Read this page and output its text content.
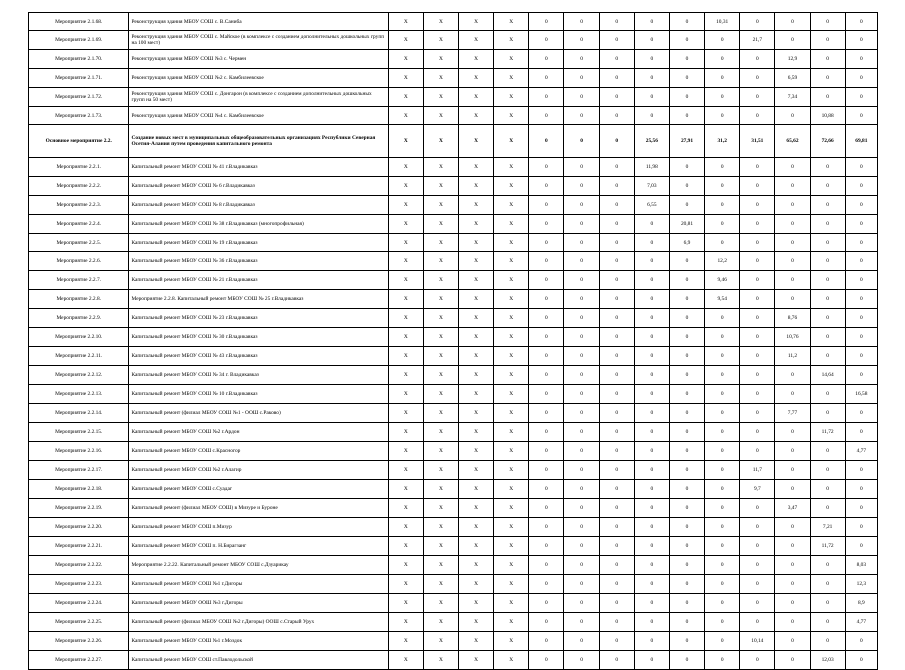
Мероприятие 2.1.68.	Реконструкция здания МБОУ СОШ с. В.Саниба	Х	Х	Х	Х	0	0	0	0	0	10,31	0	0	0	0
Мероприятие 2.1.69.	Реконструкция здания МБОУ СОШ с. Майское (в комплексе с созданием дополнительных дошкольных групп на 100 мест)	Х	Х	Х	Х	0	0	0	0	0	0	21,7	0	0	0
Мероприятие 2.1.70.	Реконструкция здания МБОУ СОШ №3 с. Чермен	Х	Х	Х	Х	0	0	0	0	0	0	0	12,9	0	0
Мероприятие 2.1.71.	Реконструкция здания МБОУ СОШ №2 с. Камбилеевское	Х	Х	Х	Х	0	0	0	0	0	0	0	6,59	0	0
Мероприятие 2.1.72.	Реконструкция здания МБОУ СОШ с. Донгарон (в комплексе с созданием дополнительных дошкольных групп на 50 мест)	Х	Х	Х	Х	0	0	0	0	0	0	0	7,34	0	0
Мероприятие 2.1.73.	Реконструкция здания МБОУ СОШ №4 с. Камбилеевское	Х	Х	Х	Х	0	0	0	0	0	0	0	0	10,88	0
Основное мероприятие 2.2.	Создание новых мест в муниципальных общеобразовательных организациях Республики Северная Осетия-Алания путем проведения капитального ремонта	Х	Х	Х	Х	0	0	0	25,56	27,91	31,2	31,51	65,62	72,66	69,81
Мероприятие 2.2.1.	Капитальный ремонт МБОУ СОШ № 41 г.Владикавказ	Х	Х	Х	Х	0	0	0	11,98	0	0	0	0	0	0
Мероприятие 2.2.2.	Капитальный ремонт МБОУ СОШ № 6 г.Владикавказ	Х	Х	Х	Х	0	0	0	7,03	0	0	0	0	0	0
Мероприятие 2.2.3.	Капитальный ремонт МБОУ СОШ № 8 г.Владикавказ	Х	Х	Х	Х	0	0	0	6,55	0	0	0	0	0	0
Мероприятие 2.2.4.	Капитальный ремонт МБОУ СОШ № 38 г.Владикавказ (многопрофильная)	Х	Х	Х	Х	0	0	0	0	20,81	0	0	0	0	0
Мероприятие 2.2.5.	Капитальный ремонт МБОУ СОШ № 19 г.Владикавказ	Х	Х	Х	Х	0	0	0	0	6,9	0	0	0	0	0
Мероприятие 2.2.6.	Капитальный ремонт МБОУ СОШ № 36 г.Владикавказ	Х	Х	Х	Х	0	0	0	0	0	12,2	0	0	0	0
Мероприятие 2.2.7.	Капитальный ремонт МБОУ СОШ № 21 г.Владикавказ	Х	Х	Х	Х	0	0	0	0	0	9,46	0	0	0	0
Мероприятие 2.2.8.	Мероприятие 2.2.8. Капитальный ремонт МБОУ СОШ № 25 г.Владикавказ	Х	Х	Х	Х	0	0	0	0	0	9,54	0	0	0	0
Мероприятие 2.2.9.	Капитальный ремонт МБОУ СОШ № 23 г.Владикавказ	Х	Х	Х	Х	0	0	0	0	0	0	0	8,76	0	0
Мероприятие 2.2.10.	Капитальный ремонт МБОУ СОШ № 30 г.Владикавказ	Х	Х	Х	Х	0	0	0	0	0	0	0	10,76	0	0
Мероприятие 2.2.11.	Капитальный ремонт МБОУ СОШ № 43 г.Владикавказ	Х	Х	Х	Х	0	0	0	0	0	0	0	11,2	0	0
Мероприятие 2.2.12.	Капитальный ремонт МБОУ СОШ № 34 г. Владикавказ	Х	Х	Х	Х	0	0	0	0	0	0	0	0	14,64	0
Мероприятие 2.2.13.	Капитальный ремонт МБОУ СОШ № 10 г.Владикавказ	Х	Х	Х	Х	0	0	0	0	0	0	0	0	0	16,58
Мероприятие 2.2.14.	Капитальный ремонт (филиал МБОУ СОШ №1 - ООШ с.Раково)	Х	Х	Х	Х	0	0	0	0	0	0	0	7,77	0	0
Мероприятие 2.2.15.	Капитальный ремонт МБОУ СОШ №2 г.Ардон	Х	Х	Х	Х	0	0	0	0	0	0	0	0	11,72	0
Мероприятие 2.2.16.	Капитальный ремонт МБОУ СОШ с.Красногор	Х	Х	Х	Х	0	0	0	0	0	0	0	0	0	4,77
Мероприятие 2.2.17.	Капитальный ремонт МБОУ СОШ №2 г.Алагир	Х	Х	Х	Х	0	0	0	0	0	0	11,7	0	0	0
Мероприятие 2.2.18.	Капитальный ремонт МБОУ СОШ с.Суадаг	Х	Х	Х	Х	0	0	0	0	0	0	9,7	0	0	0
Мероприятие 2.2.19.	Капитальный ремонт (филиал МБОУ СОШ) в Мизуре и Буроне	Х	Х	Х	Х	0	0	0	0	0	0	0	3,47	0	0
Мероприятие 2.2.20.	Капитальный ремонт МБОУ СОШ п.Мизур	Х	Х	Х	Х	0	0	0	0	0	0	0	0	7,21	0
Мероприятие 2.2.21.	Капитальный ремонт МБОУ СОШ п. Н.Бирагзанг	Х	Х	Х	Х	0	0	0	0	0	0	0	0	11,72	0
Мероприятие 2.2.22.	Мероприятие 2.2.22. Капитальный ремонт МБОУ СОШ с.Дзуарикау	Х	Х	Х	Х	0	0	0	0	0	0	0	0	0	8,03
Мероприятие 2.2.23.	Капитальный ремонт МБОУ СОШ №1 г.Дигоры	Х	Х	Х	Х	0	0	0	0	0	0	0	0	0	12,3
Мероприятие 2.2.24.	Капитальный ремонт МБОУ ООШ №3 г.Дигоры	Х	Х	Х	Х	0	0	0	0	0	0	0	0	0	8,9
Мероприятие 2.2.25.	Капитальный ремонт (филиал МБОУ СОШ №2 г.Дигоры) ООШ с.Старый Урух	Х	Х	Х	Х	0	0	0	0	0	0	0	0	0	4,77
Мероприятие 2.2.26.	Капитальный ремонт МБОУ СОШ №1 г.Моздок	Х	Х	Х	Х	0	0	0	0	0	0	10,14	0	0	0
Мероприятие 2.2.27.	Капитальный ремонт МБОУ СОШ ст.Павлодольской	Х	Х	Х	Х	0	0	0	0	0	0	0	0	12,03	0
